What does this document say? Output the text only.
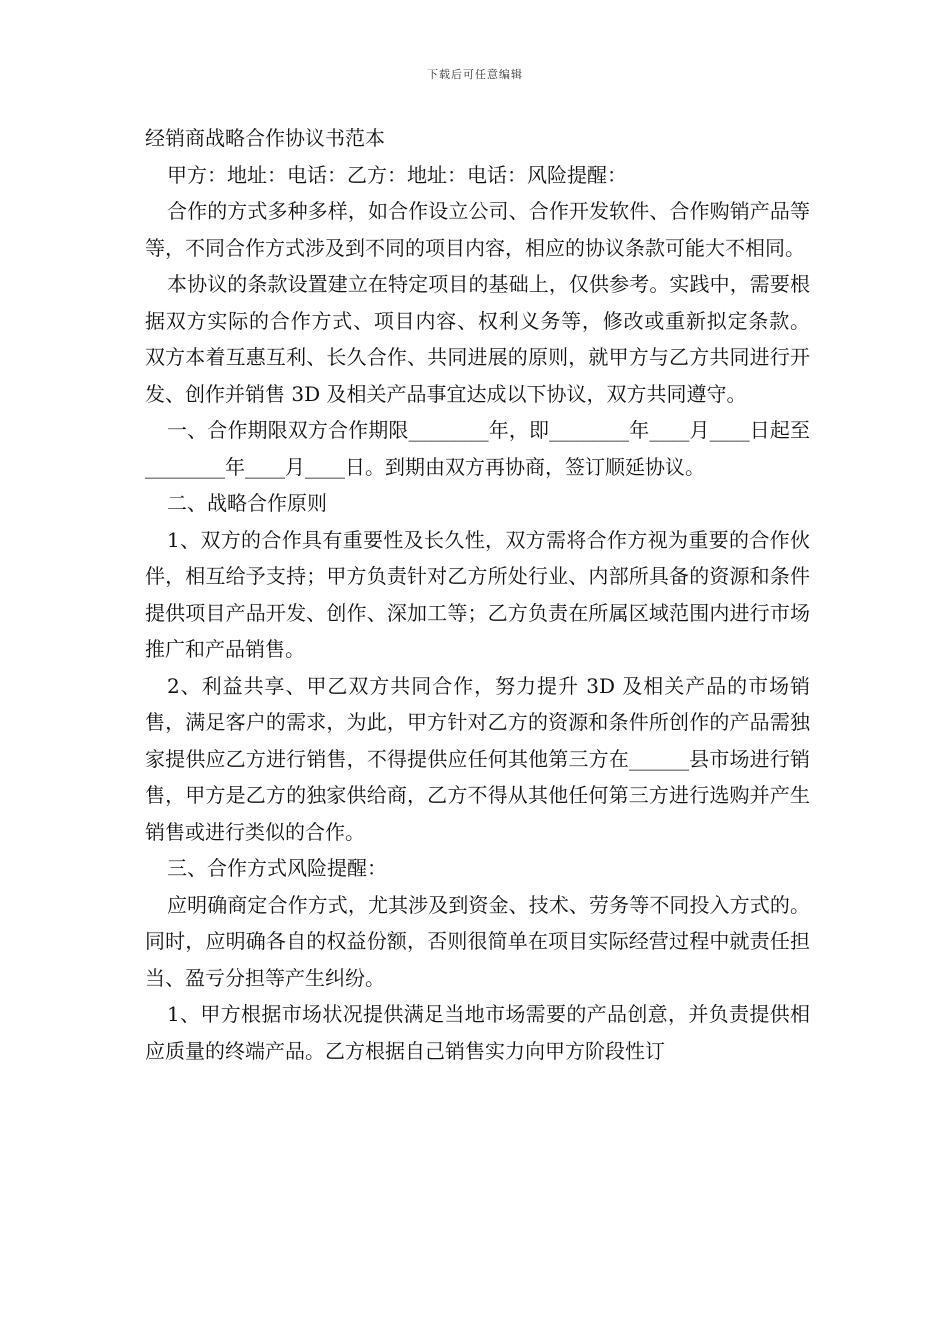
下载后可任意编辑

经销商战略合作协议书范本

甲方：地址：电话：乙方：地址：电话：风险提醒：

合作的方式多种多样，如合作设立公司、合作开发软件、合作购销产品等等，不同合作方式涉及到不同的项目内容，相应的协议条款可能大不相同。

本协议的条款设置建立在特定项目的基础上，仅供参考。实践中，需要根据双方实际的合作方式、项目内容、权利义务等，修改或重新拟定条款。 双方本着互惠互利、长久合作、共同进展的原则，就甲方与乙方共同进行开发、创作并销售 3D 及相关产品事宜达成以下协议，双方共同遵守。

一、合作期限双方合作期限________年，即________年____月____日起至________年____月____日。到期由双方再协商，签订顺延协议。

二、战略合作原则

1、双方的合作具有重要性及长久性，双方需将合作方视为重要的合作伙伴，相互给予支持；甲方负责针对乙方所处行业、内部所具备的资源和条件提供项目产品开发、创作、深加工等；乙方负责在所属区域范围内进行市场推广和产品销售。

2、利益共享、甲乙双方共同合作，努力提升 3D 及相关产品的市场销售，满足客户的需求，为此，甲方针对乙方的资源和条件所创作的产品需独家提供应乙方进行销售，不得提供应任何其他第三方在______县市场进行销售，甲方是乙方的独家供给商，乙方不得从其他任何第三方进行选购并产生销售或进行类似的合作。

三、合作方式风险提醒：

应明确商定合作方式，尤其涉及到资金、技术、劳务等不同投入方式的。同时，应明确各自的权益份额，否则很简单在项目实际经营过程中就责任担当、盈亏分担等产生纠纷。

1、甲方根据市场状况提供满足当地市场需要的产品创意，并负责提供相应质量的终端产品。乙方根据自己销售实力向甲方阶段性订
